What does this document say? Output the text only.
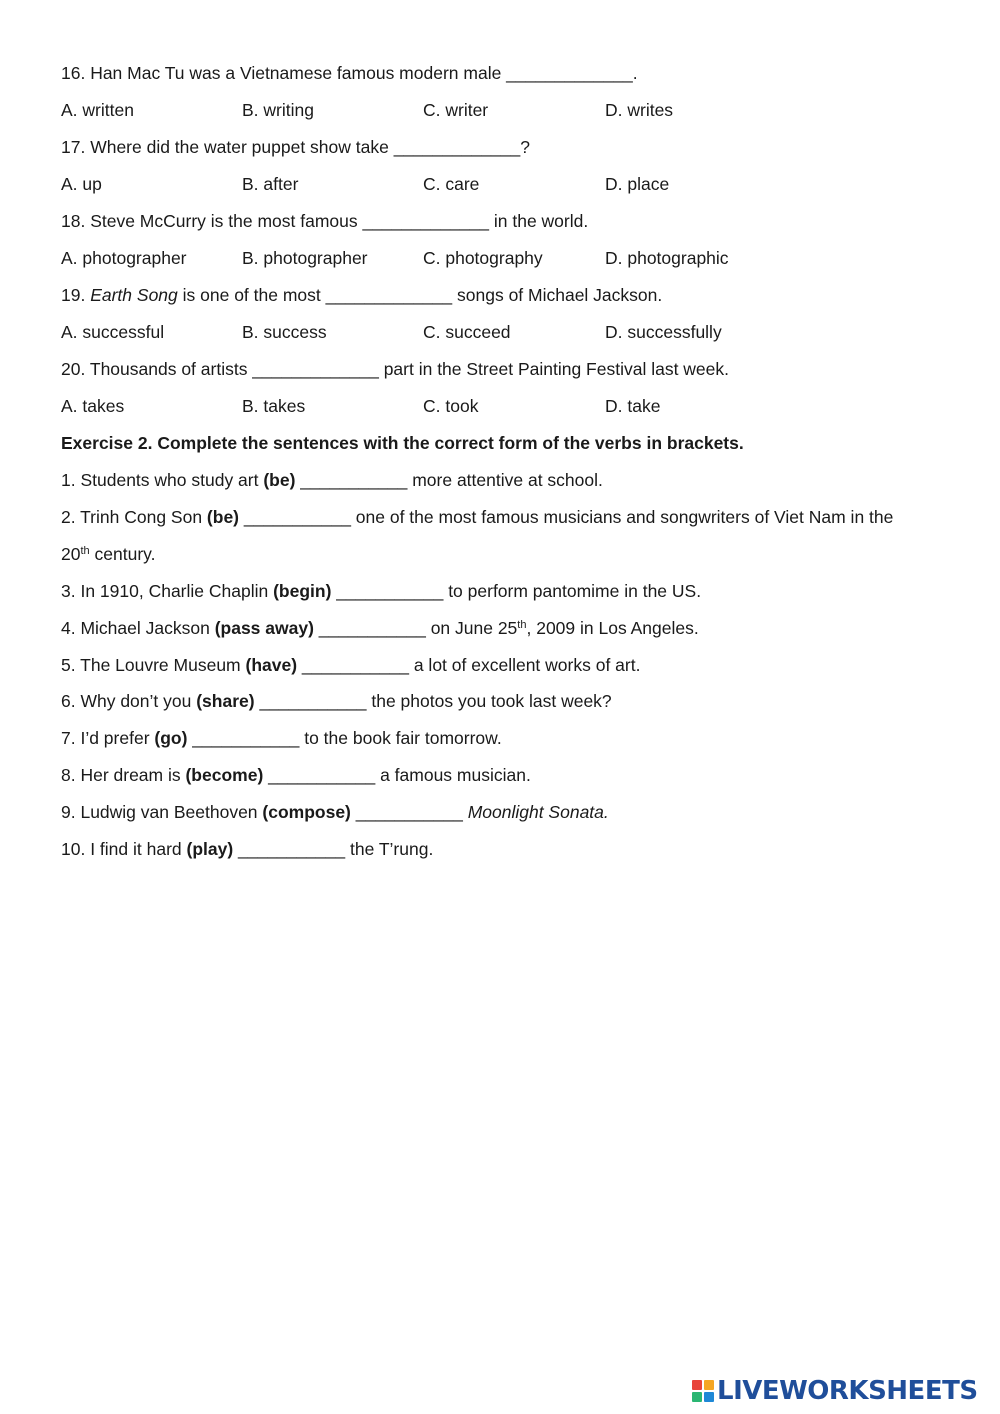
16. Han Mac Tu was a Vietnamese famous modern male _____________.
A. written	B. writing	C. writer	D. writes
17. Where did the water puppet show take _____________?
A. up	B. after	C. care	D. place
18. Steve McCurry is the most famous _____________ in the world.
A. photographer	B. photographer	C. photography	D. photographic
19. Earth Song is one of the most _____________ songs of Michael Jackson.
A. successful	B. success	C. succeed	D. successfully
20. Thousands of artists _____________ part in the Street Painting Festival last week.
A. takes	B. takes	C. took	D. take
Exercise 2. Complete the sentences with the correct form of the verbs in brackets.
1. Students who study art (be) ___________ more attentive at school.
2. Trinh Cong Son (be) ___________ one of the most famous musicians and songwriters of Viet Nam in the
20th century.
3. In 1910, Charlie Chaplin (begin) ___________ to perform pantomime in the US.
4. Michael Jackson (pass away) ___________ on June 25th, 2009 in Los Angeles.
5. The Louvre Museum (have) ___________ a lot of excellent works of art.
6. Why don’t you (share) ___________ the photos you took last week?
7. I’d prefer (go) ___________ to the book fair tomorrow.
8. Her dream is (become) ___________ a famous musician.
9. Ludwig van Beethoven (compose) ___________ Moonlight Sonata.
10. I find it hard (play) ___________ the T’rung.
LIVEWORKSHEETS
